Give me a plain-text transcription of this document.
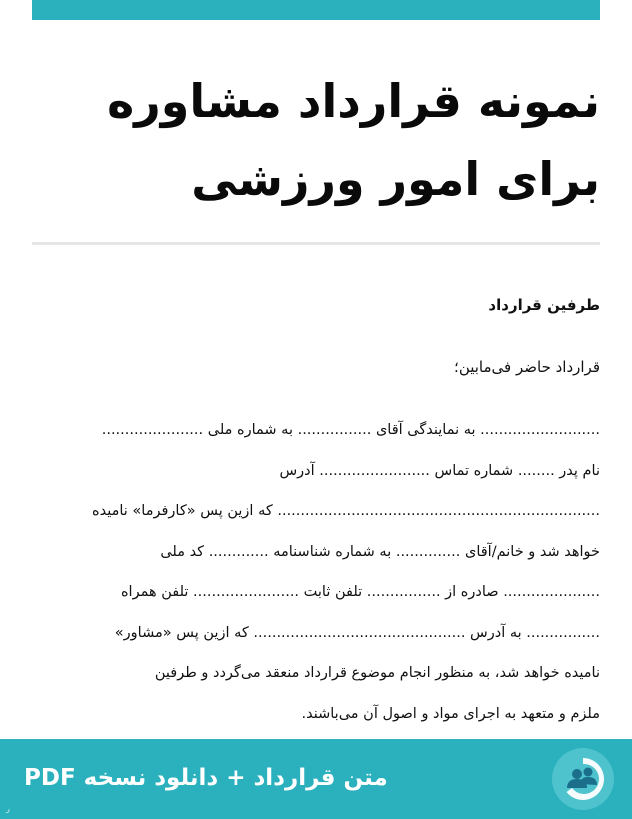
نمونه قرارداد مشاوره
برای امور ورزشی
طرفین قرارداد
قرارداد حاضر فی‌مابین؛
.......................... به نمایندگی آقای ................ به شماره ملی ......................
نام پدر ........ شماره تماس ........................ آدرس
...................................................................... که ازین پس «کارفرما» نامیده
خواهد شد و خانم/آقای .............. به شماره شناسنامه ............. کد ملی
..................... صادره از ................ تلفن ثابت ....................... تلفن همراه
................ به آدرس .............................................. که ازین پس «مشاور»
نامیده خواهد شد، به منظور انجام موضوع قرارداد منعقد می‌گردد و طرفین
ملزم و متعهد به اجرای مواد و اصول آن می‌باشند.
متن قرارداد + دانلود نسخه PDF
ر
